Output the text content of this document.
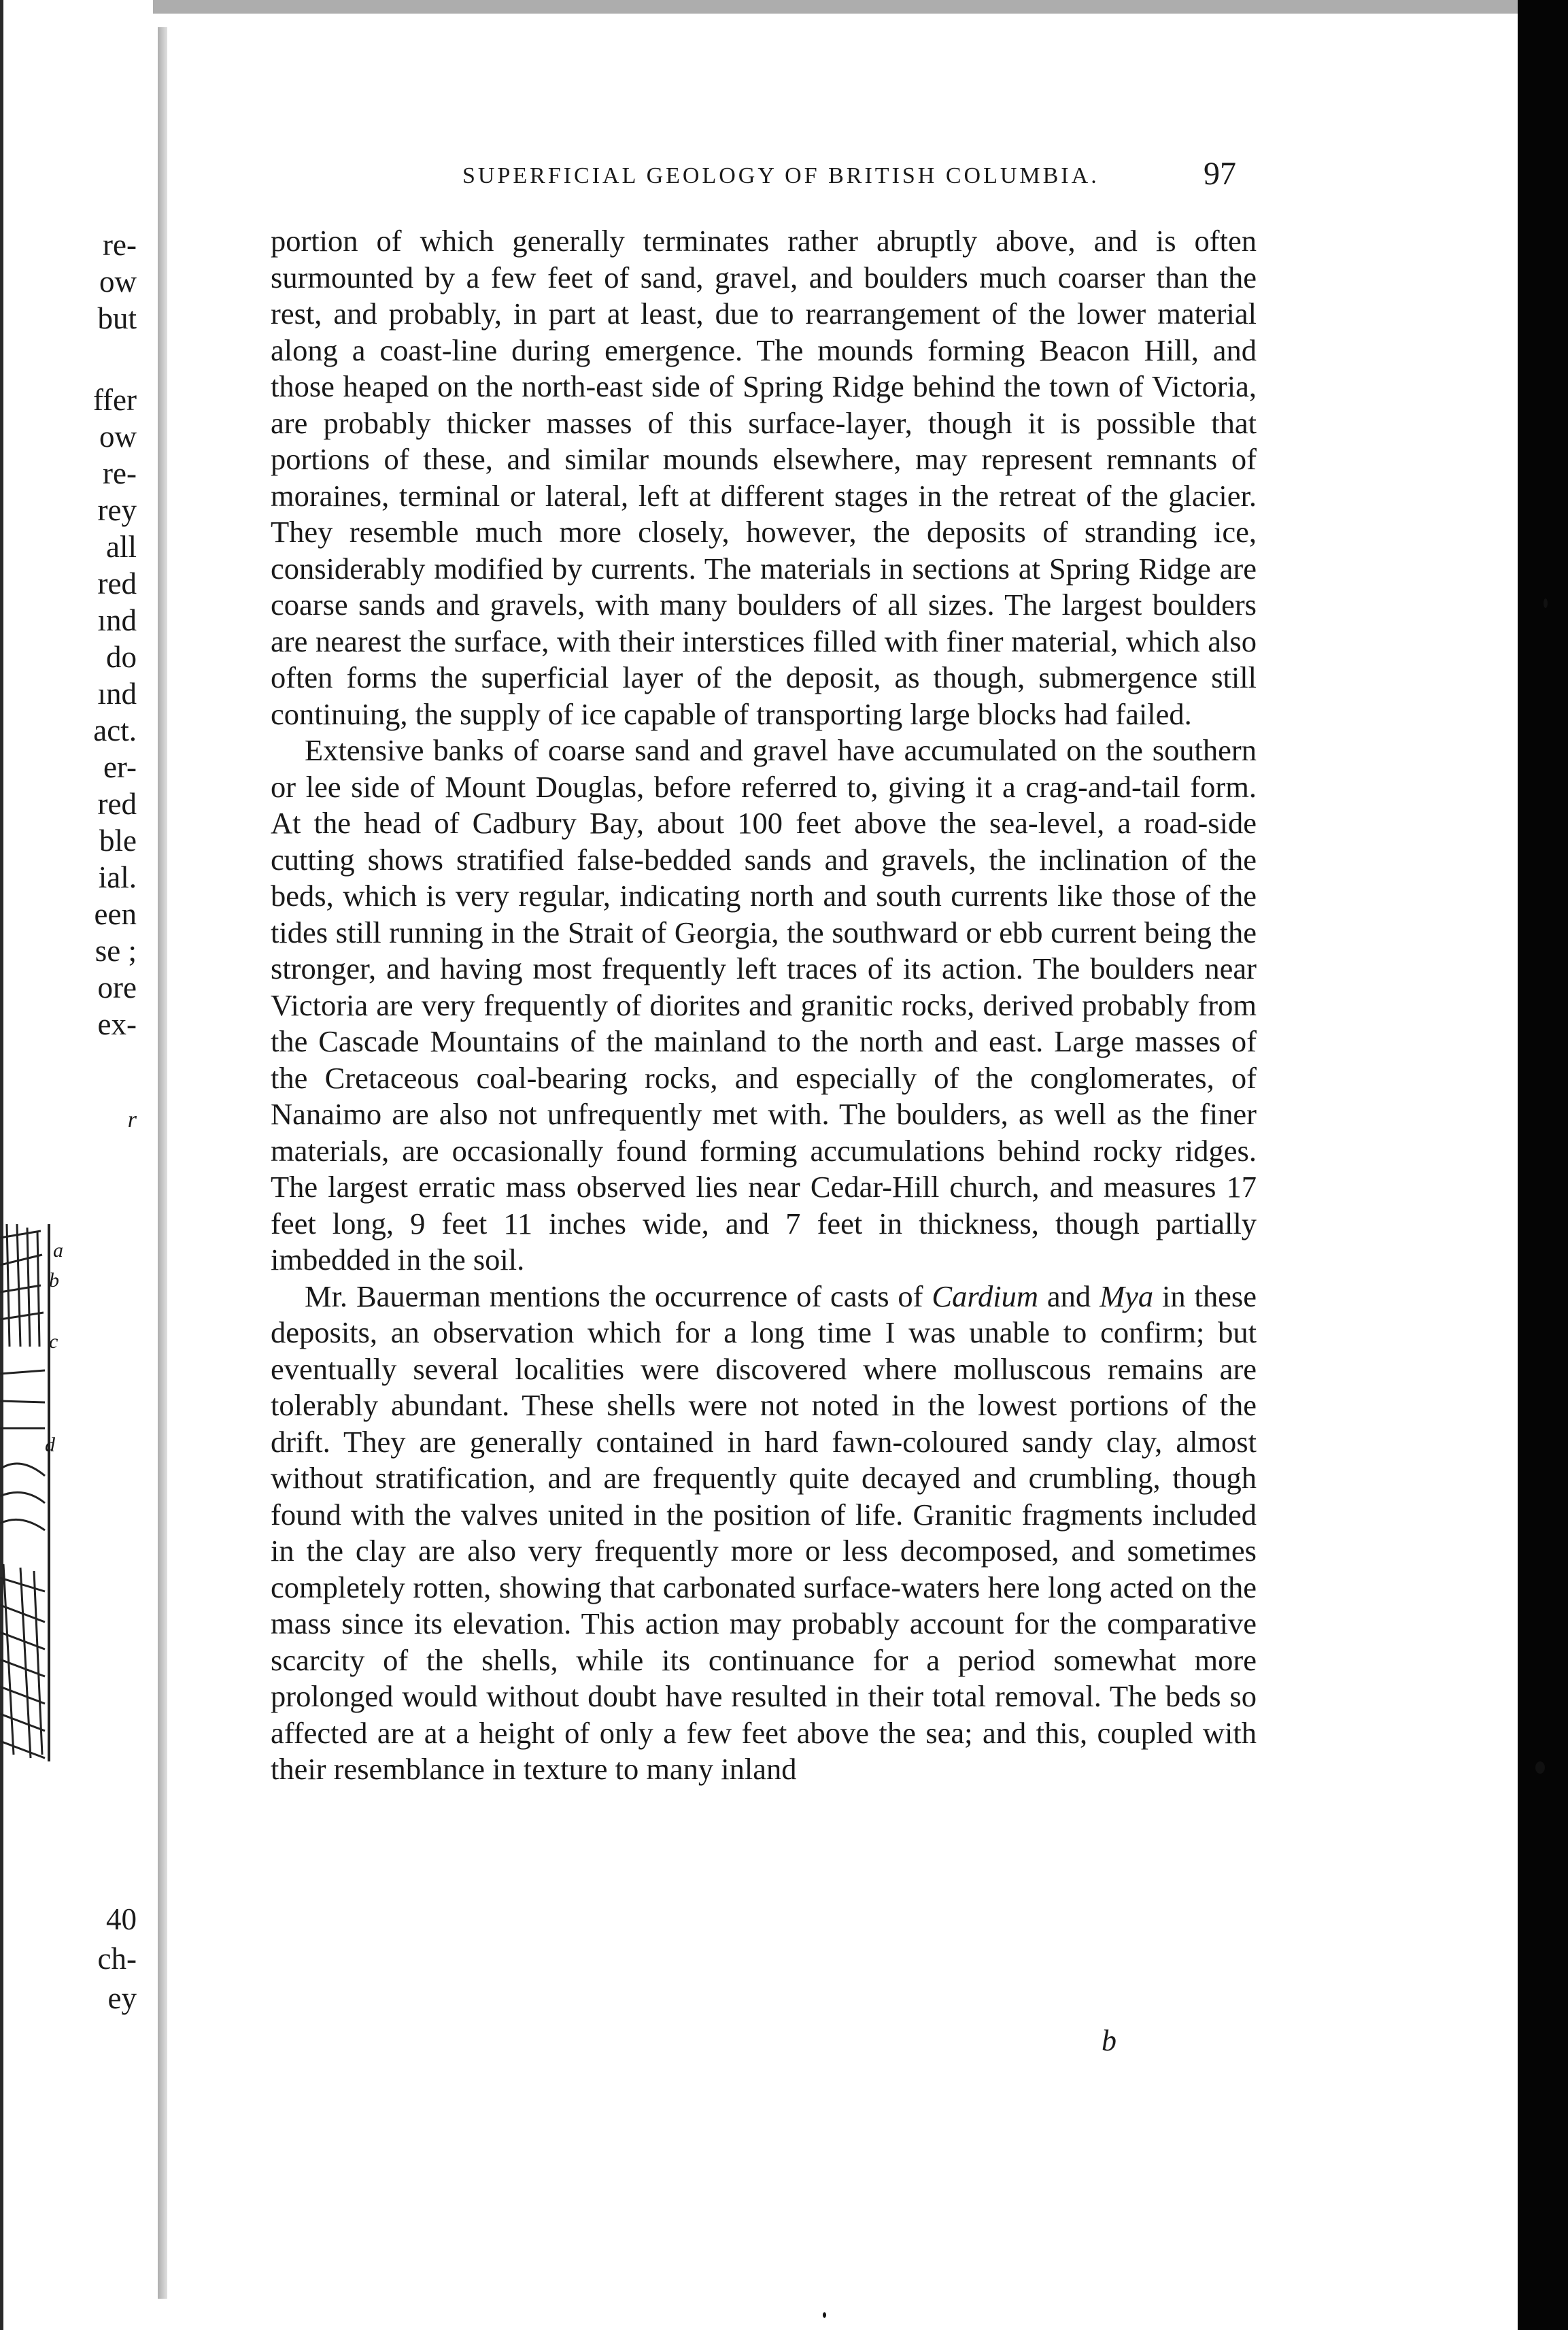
re-
ow
but
ffer
ow
re-
rey
all
red
ınd
do
ınd
act.
er-
red
ble
ial.
een
se ;
ore
ex-
r
40
ch-
ey
a
b
c
d
SUPERFICIAL GEOLOGY OF BRITISH COLUMBIA.	97

portion of which generally terminates rather abruptly above, and is often surmounted by a few feet of sand, gravel, and boulders much coarser than the rest, and probably, in part at least, due to rearrangement of the lower material along a coast-line during emergence. The mounds forming Beacon Hill, and those heaped on the north-east side of Spring Ridge behind the town of Victoria, are probably thicker masses of this surface-layer, though it is possible that portions of these, and similar mounds elsewhere, may represent remnants of moraines, terminal or lateral, left at different stages in the retreat of the glacier. They resemble much more closely, however, the deposits of stranding ice, considerably modified by currents. The materials in sections at Spring Ridge are coarse sands and gravels, with many boulders of all sizes. The largest boulders are nearest the surface, with their interstices filled with finer material, which also often forms the superficial layer of the deposit, as though, submergence still continuing, the supply of ice capable of transporting large blocks had failed.

Extensive banks of coarse sand and gravel have accumulated on the southern or lee side of Mount Douglas, before referred to, giving it a crag-and-tail form. At the head of Cadbury Bay, about 100 feet above the sea-level, a road-side cutting shows stratified false-bedded sands and gravels, the inclination of the beds, which is very regular, indicating north and south currents like those of the tides still running in the Strait of Georgia, the southward or ebb current being the stronger, and having most frequently left traces of its action. The boulders near Victoria are very frequently of diorites and granitic rocks, derived probably from the Cascade Mountains of the mainland to the north and east. Large masses of the Cretaceous coal-bearing rocks, and especially of the conglomerates, of Nanaimo are also not unfrequently met with. The boulders, as well as the finer materials, are occasionally found forming accumulations behind rocky ridges. The largest erratic mass observed lies near Cedar-Hill church, and measures 17 feet long, 9 feet 11 inches wide, and 7 feet in thickness, though partially imbedded in the soil.

Mr. Bauerman mentions the occurrence of casts of Cardium and Mya in these deposits, an observation which for a long time I was unable to confirm; but eventually several localities were discovered where molluscous remains are tolerably abundant. These shells were not noted in the lowest portions of the drift. They are generally contained in hard fawn-coloured sandy clay, almost without stratification, and are frequently quite decayed and crumbling, though found with the valves united in the position of life. Granitic fragments included in the clay are also very frequently more or less decomposed, and sometimes completely rotten, showing that carbonated surface-waters here long acted on the mass since its elevation. This action may probably account for the comparative scarcity of the shells, while its continuance for a period somewhat more prolonged would without doubt have resulted in their total removal. The beds so affected are at a height of only a few feet above the sea; and this, coupled with their resemblance in texture to many inland

b
